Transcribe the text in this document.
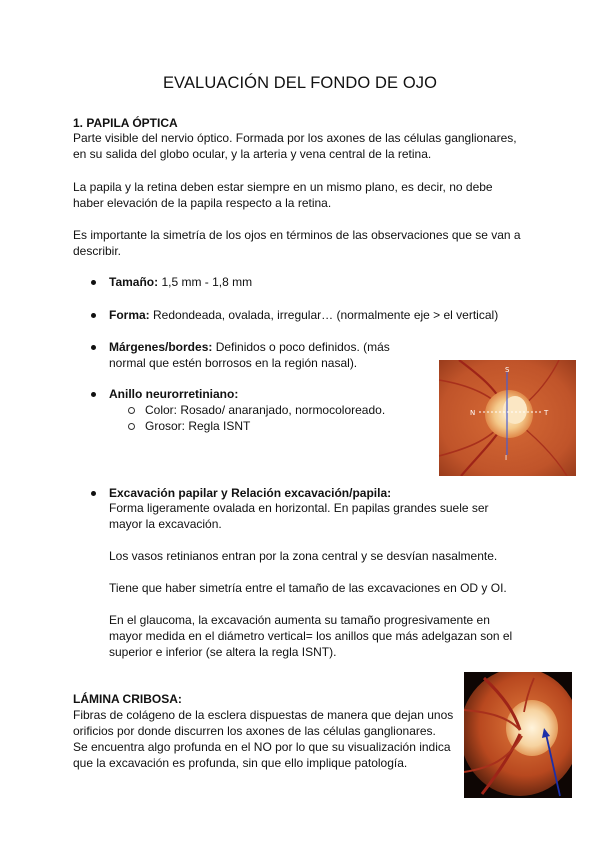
EVALUACIÓN DEL FONDO DE OJO
1. PAPILA ÓPTICA
Parte visible del nervio óptico. Formada por los axones de las células ganglionares,
en su salida del globo ocular, y la arteria y vena central de la retina.
La papila y la retina deben estar siempre en un mismo plano, es decir, no debe
haber elevación de la papila respecto a la retina.
Es importante la simetría de los ojos en términos de las observaciones que se van a
describir.
Tamaño: 1,5 mm - 1,8 mm
Forma: Redondeada, ovalada, irregular… (normalmente eje > el vertical)
Márgenes/bordes: Definidos o poco definidos. (más
normal que estén borrosos en la región nasal).
Anillo neurorretiniano:
Color: Rosado/ anaranjado, normocoloreado.
Grosor: Regla ISNT
S
N	T
I
Excavación papilar y Relación excavación/papila:
Forma ligeramente ovalada en horizontal. En papilas grandes suele ser
mayor la excavación.
Los vasos retinianos entran por la zona central y se desvían nasalmente.
Tiene que haber simetría entre el tamaño de las excavaciones en OD y OI.
En el glaucoma, la excavación aumenta su tamaño progresivamente en
mayor medida en el diámetro vertical= los anillos que más adelgazan son el
superior e inferior (se altera la regla ISNT).
LÁMINA CRIBOSA:
Fibras de colágeno de la esclera dispuestas de manera que dejan unos
orificios por donde discurren los axones de las células ganglionares.
Se encuentra algo profunda en el NO por lo que su visualización indica
que la excavación es profunda, sin que ello implique patología.
